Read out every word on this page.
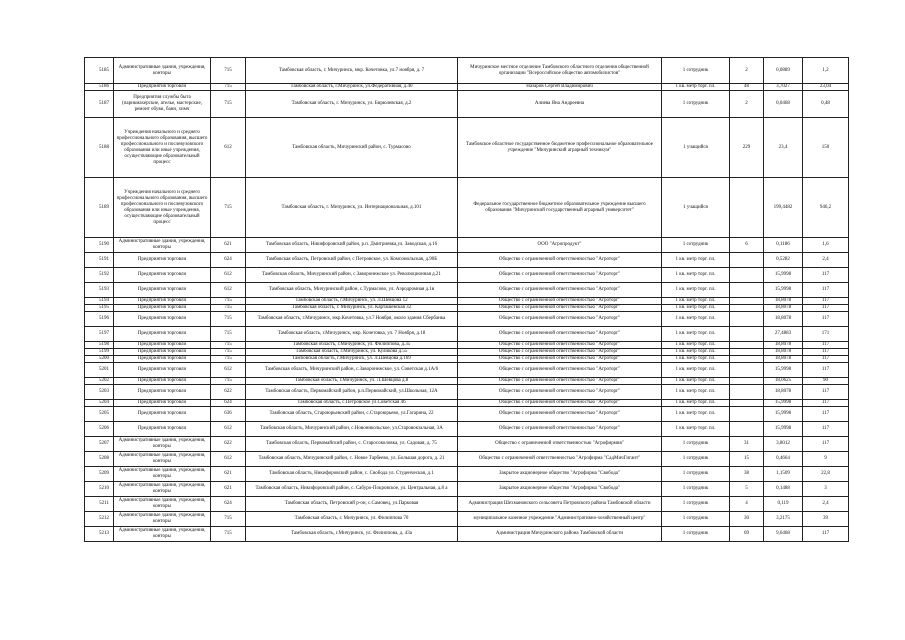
5185	Административные здания, учреждения, конторы	715	Тамбовская область, г. Мичуринск, мкр. Кочетовка, ул.7 ноября, д. 7	Мичуринское местное отделение Тамбовского областного отделения общественной организации "Всероссийское общество автомобилистов"	1 сотрудник	2	0,0889	1,2
5186	Предприятия торговли	715	Тамбовская область, г.Мичуринск, ул.Федеративная, д.40	Назаров Сергей Владимирович	1 кв. метр торг. пл.	48	3,7027	23,04
5187	Предприятия службы быта (парикмахерские, ателье, мастерские, ремонт обуви, бани, химч	715	Тамбовская область, г. Мичуринск, ул. Бирюлевская, д.2	Алиева Яна Андреевна	1 сотрудник	2	0,0468	0,48
5188	Учреждения начального и среднего профессионального образования, высшего профессионального и послевузовского образования или иные учреждения, осуществляющие образовательный процесс	612	Тамбовская область, Мичуринский район, с. Турмасово	Тамбовское областное государственное бюджетное профессиональное образовательное учреждение "Мичуринский аграрный техникум"	1 учащийся	229	23,4	150
5189	Учреждения начального и среднего профессионального образования, высшего профессионального и послевузовского образования или иные учреждения, осуществляющие образовательный процесс	715	Тамбовская область, г. Мичуринск, ул. Интернациональная, д.101	Федеральное государственное бюджетное образовательное учреждение высшего образования "Мичуринский государственный аграрный университет"	1 учащийся		199,4482	946,2
5190	Административные здания, учреждения, конторы	621	Тамбовская область, Никифоровский район, р.п. Дмитриевка,ул. Заводская, д.16	ООО "Агропродукт"	1 сотрудник	6	0,1186	1,6
5191	Предприятия торговли	624	Тамбовская область, Петровский район, с Петровское, ул. Комсомольская, д.90Б	Общество с ограниченной ответственностью "Агроторг"	1 кв. метр торг. пл.		0,5282	2,4
5192	Предприятия торговли	612	Тамбовская область, Мичуринский район, с.Заворонежское ул. Революционная д.21	Общество с ограниченной ответственностью "Агроторг"	1 кв. метр торг. пл.		15,9998	117
5193	Предприятия торговли	612	Тамбовская область, Мичуринский район, с.Турмасово, ул. Аэродромная д.1в	Общество с ограниченной ответственностью "Агроторг"	1 кв. метр торг. пл.		15,9998	117
5194	Предприятия торговли	715	Тамбовская область, г.Мичуринск, ул. Л.Шевцова 12	Общество с ограниченной ответственностью "Агроторг"	1 кв. метр торг. пл.		18,8078	117
5195	Предприятия торговли	715	Тамбовская область, г. Мичуринск, ул. Карташевская 32	Общество с ограниченной ответственностью "Агроторг"	1 кв. метр торг. пл.		18,8078	117
5196	Предприятия торговли	715	Тамбовская область, г.Мичуринск, мкр.Кочетовка, ул.7 Ноября, около здания Сбербанка	Общество с ограниченной ответственностью "Агроторг"	1 кв. метр торг. пл.		18,8078	117
5197	Предприятия торговли	715	Тамбовская область, г.Мичуринск, мкр. Кочетовка, ул. 7 Ноября, д.18	Общество с ограниченной ответственностью "Агроторг"	1 кв. метр торг. пл.		27,4883	171
5198	Предприятия торговли	715	Тамбовская область, г.Мичуринск, ул. Филиппова, д.35	Общество с ограниченной ответственностью "Агроторг"	1 кв. метр торг. пл.		18,8078	117
5199	Предприятия торговли	715	Тамбовская область, г.Мичуринск, ул. Куликова д.55	Общество с ограниченной ответственностью "Агроторг"	1 кв. метр торг. пл.		18,8078	117
5200	Предприятия торговли	715	Тамбовская область, г.Мичуринск, ул. Л.Шевцова д.169	Общество с ограниченной ответственностью "Агроторг"	1 кв. метр торг. пл.		18,8078	117
5201	Предприятия торговли	612	Тамбовская область, Мичуринский район, с.Заворонежское, ул. Советская д.1А/6	Общество с ограниченной ответственностью "Агроторг"	1 кв. метр торг. пл.		15,9998	117
5202	Предприятия торговли	715	Тамбовская область, г.Мичуринск, ул. Л.Шевцова д.8	Общество с ограниченной ответственностью "Агроторг"	1 кв. метр торг. пл.		18,0625	90
5203	Предприятия торговли	622	Тамбовская область, Первомайский район, р.п.Первомайский, ул.Школьная, 12А	Общество с ограниченной ответственностью "Агроторг"	1 кв. метр торг. пл.		18,8078	117
5204	Предприятия торговли	624	Тамбовская область, с.Петровское ул.Советская 46	Общество с ограниченной ответственностью "Агроторг"	1 кв. метр торг. пл.		15,9998	117
5205	Предприятия торговли	636	Тамбовская область, Староюрьевский район, с.Староюрьево, ул.Гагарина, 22	Общество с ограниченной ответственностью "Агроторг"	1 кв. метр торг. пл.		15,9998	117
5206	Предприятия торговли	612	Тамбовская область, Мичуринский район, с.Новоникольское, ул.Старовокзальная, 3А	Общество с ограниченной ответственностью "Агроторг"	1 кв. метр торг. пл.		15,9998	117
5207	Административные здания, учреждения, конторы	622	Тамбовская область, Первомайский район, с. Старосоколовка, ул. Садовая, д. 75	Общество с ограниченной ответственностью "Агрофирмия"	1 сотрудник	31	3,8012	117
5208	Административные здания, учреждения, конторы	612	Тамбовская область, Мичуринский район, с. Новое Тарбеево, ул. Большая дорога, д. 21	Общество с ограниченной ответственностью "Агрофирма "СадМичГигант"	1 сотрудник	15	0,4664	9
5209	Административные здания, учреждения, конторы	621	Тамбовская область, Никифоровский район, с. Свобода ул. Студенческая, д.1	Закрытое акционерное общество "Агрофирма "Свобода"	1 сотрудник	38	1,1509	22,8
5210	Административные здания, учреждения, конторы	621	Тамбовская область, Никифоровский район, с. Сабуро-Покровское, ул. Центральная, д.8 а	Закрытое акционерное общество "Агрофирма "Свобода"	1 сотрудник	5	0,1488	3
5211	Административные здания, учреждения, конторы	624	Тамбовская область, Петровский р-он, с.Самовец, ул.Парковая	Администрация Шехмановского сельсовета Петровского района Тамбовской области	1 сотрудник	4	0,119	2,4
5212	Административные здания, учреждения, конторы	715	Тамбовская область, г. Мичуринск, ул. Филиппова 70	муниципальное казенное учреждение "Административно-хозяйственный центр"	1 сотрудник	30	3,2175	39
5213	Административные здания, учреждения, конторы	715	Тамбовская область, г.Мичуринск, ул. Филиппова, д. 43а	Администрация Мичуринского района Тамбовской области	1 сотрудник	69	9,6468	117
